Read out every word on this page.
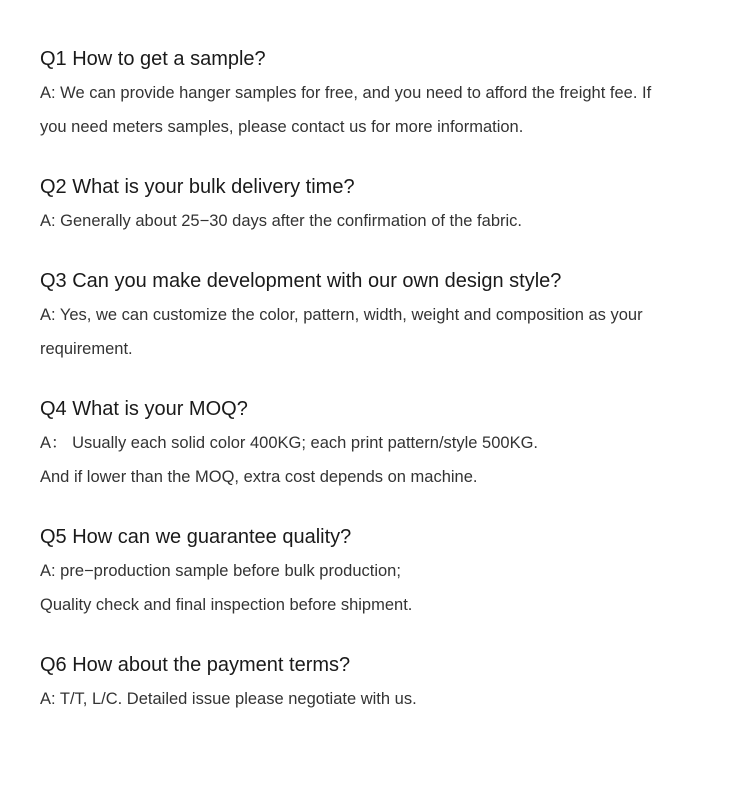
Q1 How to get a sample?

A: We can provide hanger samples for free, and you need to afford the freight fee. If

you need meters samples, please contact us for more information.

Q2 What is your bulk delivery time?

A: Generally about 25−30 days after the confirmation of the fabric.

Q3 Can you make development with our own design style?

A: Yes, we can customize the color, pattern, width, weight and composition as your

requirement.

Q4 What is your MOQ?

A： Usually each solid color 400KG; each print pattern/style 500KG.

And if lower than the MOQ, extra cost depends on machine.

Q5 How can we guarantee quality?

A: pre−production sample before bulk production;

Quality check and final inspection before shipment.

Q6 How about the payment terms?

A: T/T, L/C. Detailed issue please negotiate with us.
